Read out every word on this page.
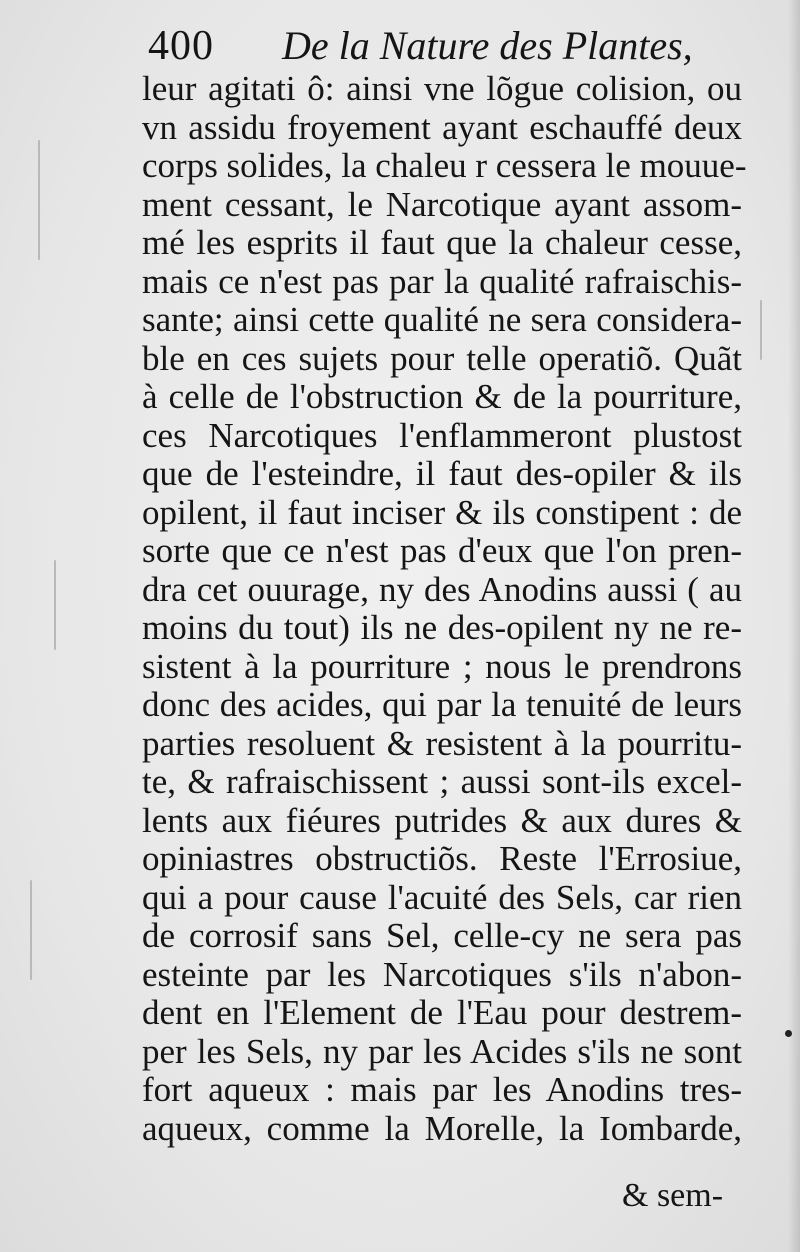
400 De la Nature des Plantes,
leur agitati ô: ainsi vne lõgue colision, ou
vn assidu froyement ayant eschauffé deux
corps solides, la chaleu r cessera le mouue-
ment cessant, le Narcotique ayant assom-
mé les esprits il faut que la chaleur cesse,
mais ce n'est pas par la qualité rafraischis-
sante; ainsi cette qualité ne sera considera-
ble en ces sujets pour telle operatiõ. Quãt
à celle de l'obstruction & de la pourriture,
ces Narcotiques l'enflammeront plustost
que de l'esteindre, il faut des-opiler & ils
opilent, il faut inciser & ils constipent : de
sorte que ce n'est pas d'eux que l'on pren-
dra cet ouurage, ny des Anodins aussi ( au
moins du tout) ils ne des-opilent ny ne re-
sistent à la pourriture ; nous le prendrons
donc des acides, qui par la tenuité de leurs
parties resoluent & resistent à la pourritu-
te, & rafraischissent ; aussi sont-ils excel-
lents aux fiéures putrides & aux dures &
opiniastres obstructiõs. Reste l'Errosiue,
qui a pour cause l'acuité des Sels, car rien
de corrosif sans Sel, celle-cy ne sera pas
esteinte par les Narcotiques s'ils n'abon-
dent en l'Element de l'Eau pour destrem-
per les Sels, ny par les Acides s'ils ne sont
fort aqueux : mais par les Anodins tres-
aqueux, comme la Morelle, la Iombarde,
& sem-
